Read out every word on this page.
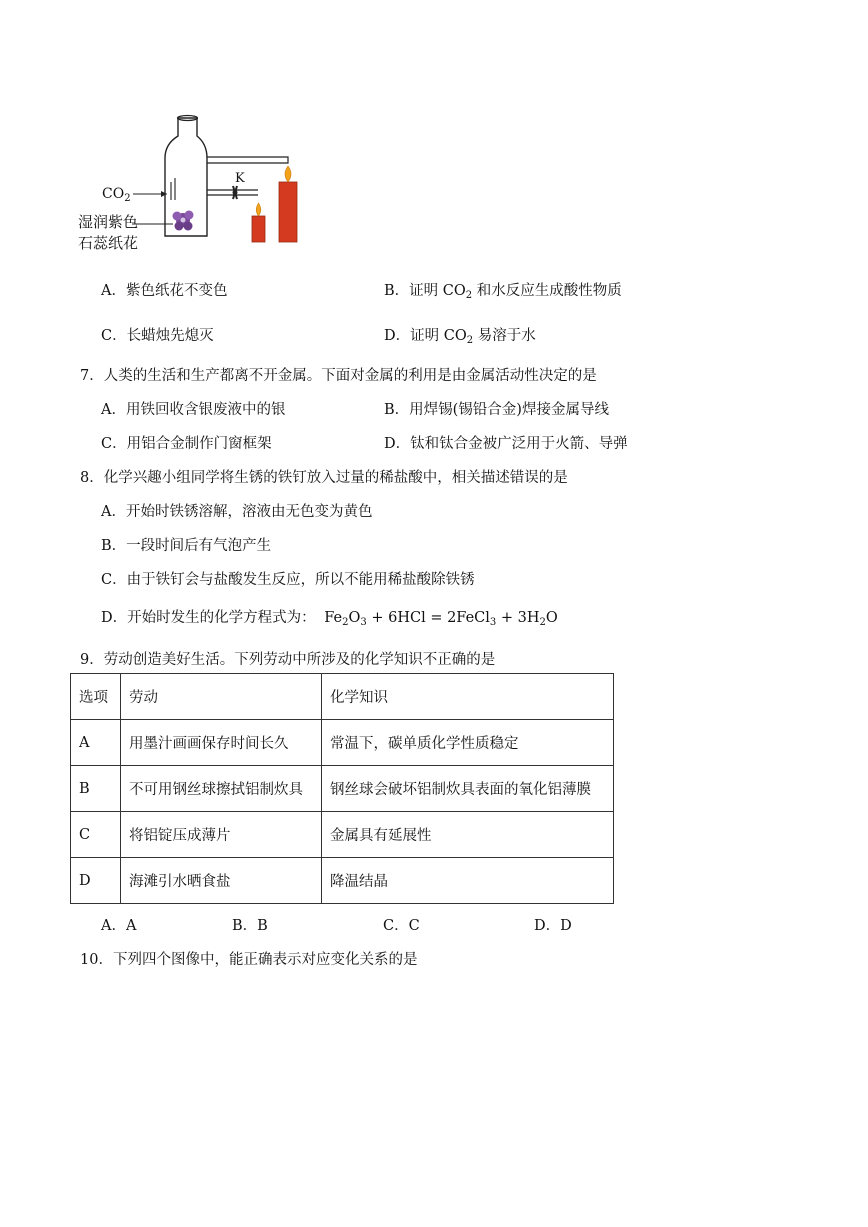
K
$CO_2$
湿润紫色
石蕊纸花
A．紫色纸花不变色	B．证明 $CO_2$ 和水反应生成酸性物质
C．长蜡烛先熄灭	D．证明 $CO_2$ 易溶于水
7．人类的生活和生产都离不开金属。下面对金属的利用是由金属活动性决定的是
A．用铁回收含银废液中的银	B．用焊锡(锡铅合金)焊接金属导线
C．用铝合金制作门窗框架	D．钛和钛合金被广泛用于火箭、导弹
8．化学兴趣小组同学将生锈的铁钉放入过量的稀盐酸中，相关描述错误的是
A．开始时铁锈溶解，溶液由无色变为黄色
B．一段时间后有气泡产生
C．由于铁钉会与盐酸发生反应，所以不能用稀盐酸除铁锈
D．开始时发生的化学方程式为： $Fe_2O_3 + 6HCl$ = 2FeCl$_3$ + $3H_2O$
9．劳动创造美好生活。下列劳动中所涉及的化学知识不正确的是
选项	劳动	化学知识
A	用墨汁画画保存时间长久	常温下，碳单质化学性质稳定
B	不可用钢丝球擦拭铝制炊具	钢丝球会破坏铝制炊具表面的氧化铝薄膜
C	将铝锭压成薄片	金属具有延展性
D	海滩引水晒食盐	降温结晶
A．A	B．B	C．C	D．D
10．下列四个图像中，能正确表示对应变化关系的是
